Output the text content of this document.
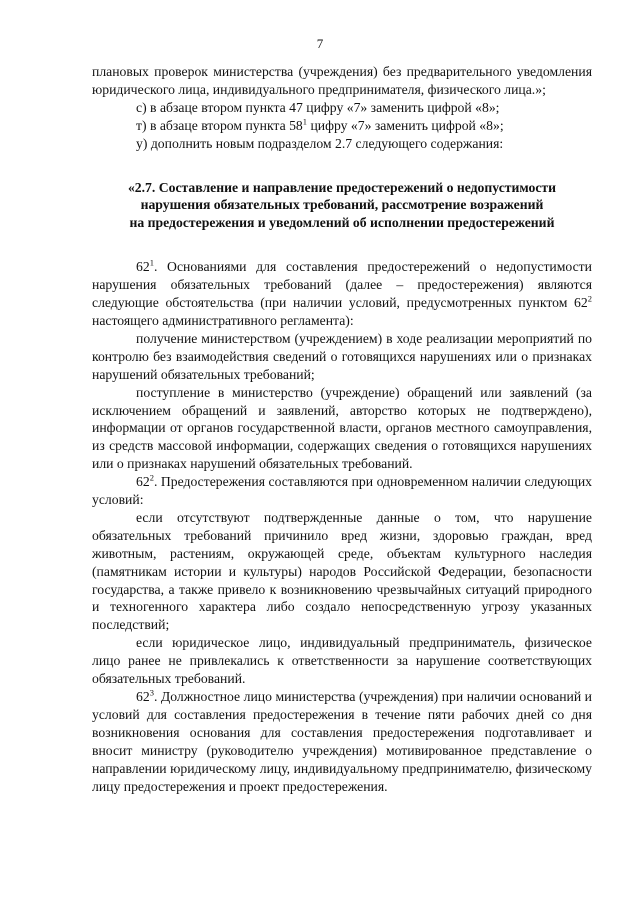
7

плановых проверок министерства (учреждения) без предварительного уведомления юридического лица, индивидуального предпринимателя, физического лица.»;

с) в абзаце втором пункта 47 цифру «7» заменить цифрой «8»;

т) в абзаце втором пункта $58^1$ цифру «7» заменить цифрой «8»;

у) дополнить новым подразделом 2.7 следующего содержания:

«2.7. Составление и направление предостережений о недопустимости
нарушения обязательных требований, рассмотрение возражений
на предостережения и уведомлений об исполнении предостережений

$62^1$. Основаниями для составления предостережений о недопустимости нарушения обязательных требований (далее – предостережения) являются следующие обстоятельства (при наличии условий, предусмотренных пунктом $62^2$ настоящего административного регламента):

получение министерством (учреждением) в ходе реализации мероприятий по контролю без взаимодействия сведений о готовящихся нарушениях или о признаках нарушений обязательных требований;

поступление в министерство (учреждение) обращений или заявлений (за исключением обращений и заявлений, авторство которых не подтверждено), информации от органов государственной власти, органов местного самоуправления, из средств массовой информации, содержащих сведения о готовящихся нарушениях или о признаках нарушений обязательных требований.

$62^2$. Предостережения составляются при одновременном наличии следующих условий:

если отсутствуют подтвержденные данные о том, что нарушение обязательных требований причинило вред жизни, здоровью граждан, вред животным, растениям, окружающей среде, объектам культурного наследия (памятникам истории и культуры) народов Российской Федерации, безопасности государства, а также привело к возникновению чрезвычайных ситуаций природного и техногенного характера либо создало непосредственную угрозу указанных последствий;

если юридическое лицо, индивидуальный предприниматель, физическое лицо ранее не привлекались к ответственности за нарушение соответствующих обязательных требований.

$62^3$. Должностное лицо министерства (учреждения) при наличии оснований и условий для составления предостережения в течение пяти рабочих дней со дня возникновения основания для составления предостережения подготавливает и вносит министру (руководителю учреждения) мотивированное представление о направлении юридическому лицу, индивидуальному предпринимателю, физическому лицу предостережения и проект предостережения.
